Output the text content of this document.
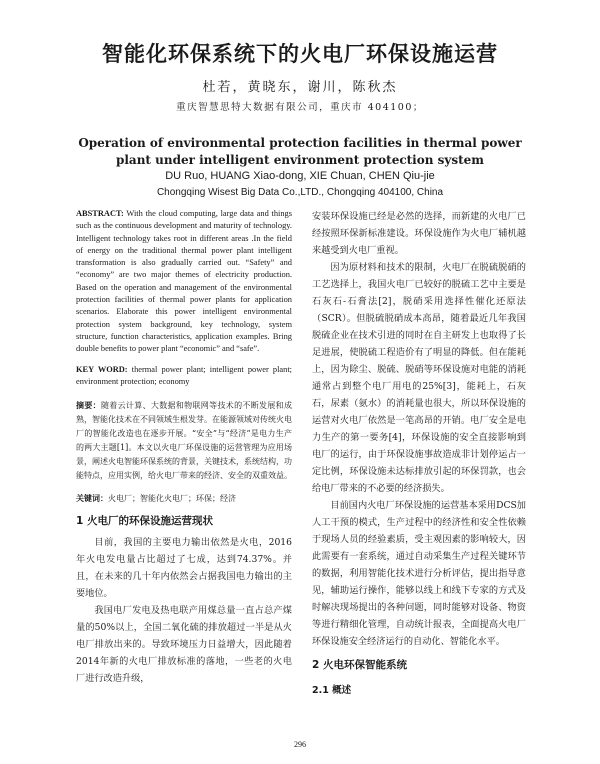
智能化环保系统下的火电厂环保设施运营
杜若，黄晓东，谢川，陈秋杰
重庆智慧思特大数据有限公司，重庆市 404100；
Operation of environmental protection facilities in thermal power plant under intelligent environment protection system
DU Ruo, HUANG Xiao-dong, XIE Chuan, CHEN Qiu-jie
Chongqing Wisest Big Data Co.,LTD., Chongqing 404100, China

ABSTRACT: With the cloud computing, large data and things such as the continuous development and maturity of technology. Intelligent technology takes root in different areas .In the field of energy on the traditional thermal power plant intelligent transformation is also gradually carried out. “Safety” and “economy” are two major themes of electricity production. Based on the operation and management of the environmental protection facilities of thermal power plants for application scenarios. Elaborate this power intelligent environmental protection system background, key technology, system structure, function characteristics, application examples. Bring double benefits to power plant “economic” and “safe”.

KEY WORD: thermal power plant; intelligent power plant; environment protection; economy

摘要：随着云计算、大数据和物联网等技术的不断发展和成熟，智能化技术在不同领域生根发芽。在能源领域对传统火电厂的智能化改造也在逐步开展。“安全”与“经济”是电力生产的两大主题[1]。本文以火电厂环保设施的运营管理为应用场景，阐述火电智能环保系统的背景，关键技术，系统结构，功能特点，应用实例，给火电厂带来的经济、安全的双重效益。

关键词：火电厂；智能化火电厂；环保；经济

1 火电厂的环保设施运营现状

目前，我国的主要电力输出依然是火电，2016年火电发电量占比超过了七成，达到74.37%。并且，在未来的几十年内依然会占据我国电力输出的主要地位。

我国电厂发电及热电联产用煤总量一直占总产煤量的50%以上，全国二氧化硫的排放超过一半是从火电厂排放出来的。导致环境压力日益增大，因此随着2014年新的火电厂排放标准的落地，一些老的火电厂进行改造升级，

安装环保设施已经是必然的选择，而新建的火电厂已经按照环保新标准建设。环保设施作为火电厂辅机越来越受到火电厂重视。

因为原材料和技术的限制，火电厂在脱硫脱硝的工艺选择上，我国火电厂已较好的脱硫工艺中主要是石灰石-石膏法[2]，脱硝采用选择性催化还原法（SCR）。但脱硫脱硝成本高昂，随着最近几年我国脱硫企业在技术引进的同时在自主研发上也取得了长足进展，使脱硫工程造价有了明显的降低。但在能耗上，因为除尘、脱硫、脱硝等环保设施对电能的消耗通常占到整个电厂用电的25%[3]，能耗上，石灰石，尿素（氨水）的消耗量也很大，所以环保设施的运营对火电厂依然是一笔高昂的开销。电厂安全是电力生产的第一要务[4]，环保设施的安全直接影响到电厂的运行，由于环保设施事故造成非计划停运占一定比例，环保设施未达标排放引起的环保罚款，也会给电厂带来的不必要的经济损失。

目前国内火电厂环保设施的运营基本采用DCS加人工干预的模式，生产过程中的经济性和安全性依赖于现场人员的经验素质，受主观因素的影响较大，因此需要有一套系统，通过自动采集生产过程关键环节的数据，利用智能化技术进行分析评估，提出指导意见，辅助运行操作，能够以线上和线下专家的方式及时解决现场提出的各种问题，同时能够对设备、物资等进行精细化管理，自动统计报表，全面提高火电厂环保设施安全经济运行的自动化、智能化水平。

2 火电环保智能系统
2.1 概述
296
